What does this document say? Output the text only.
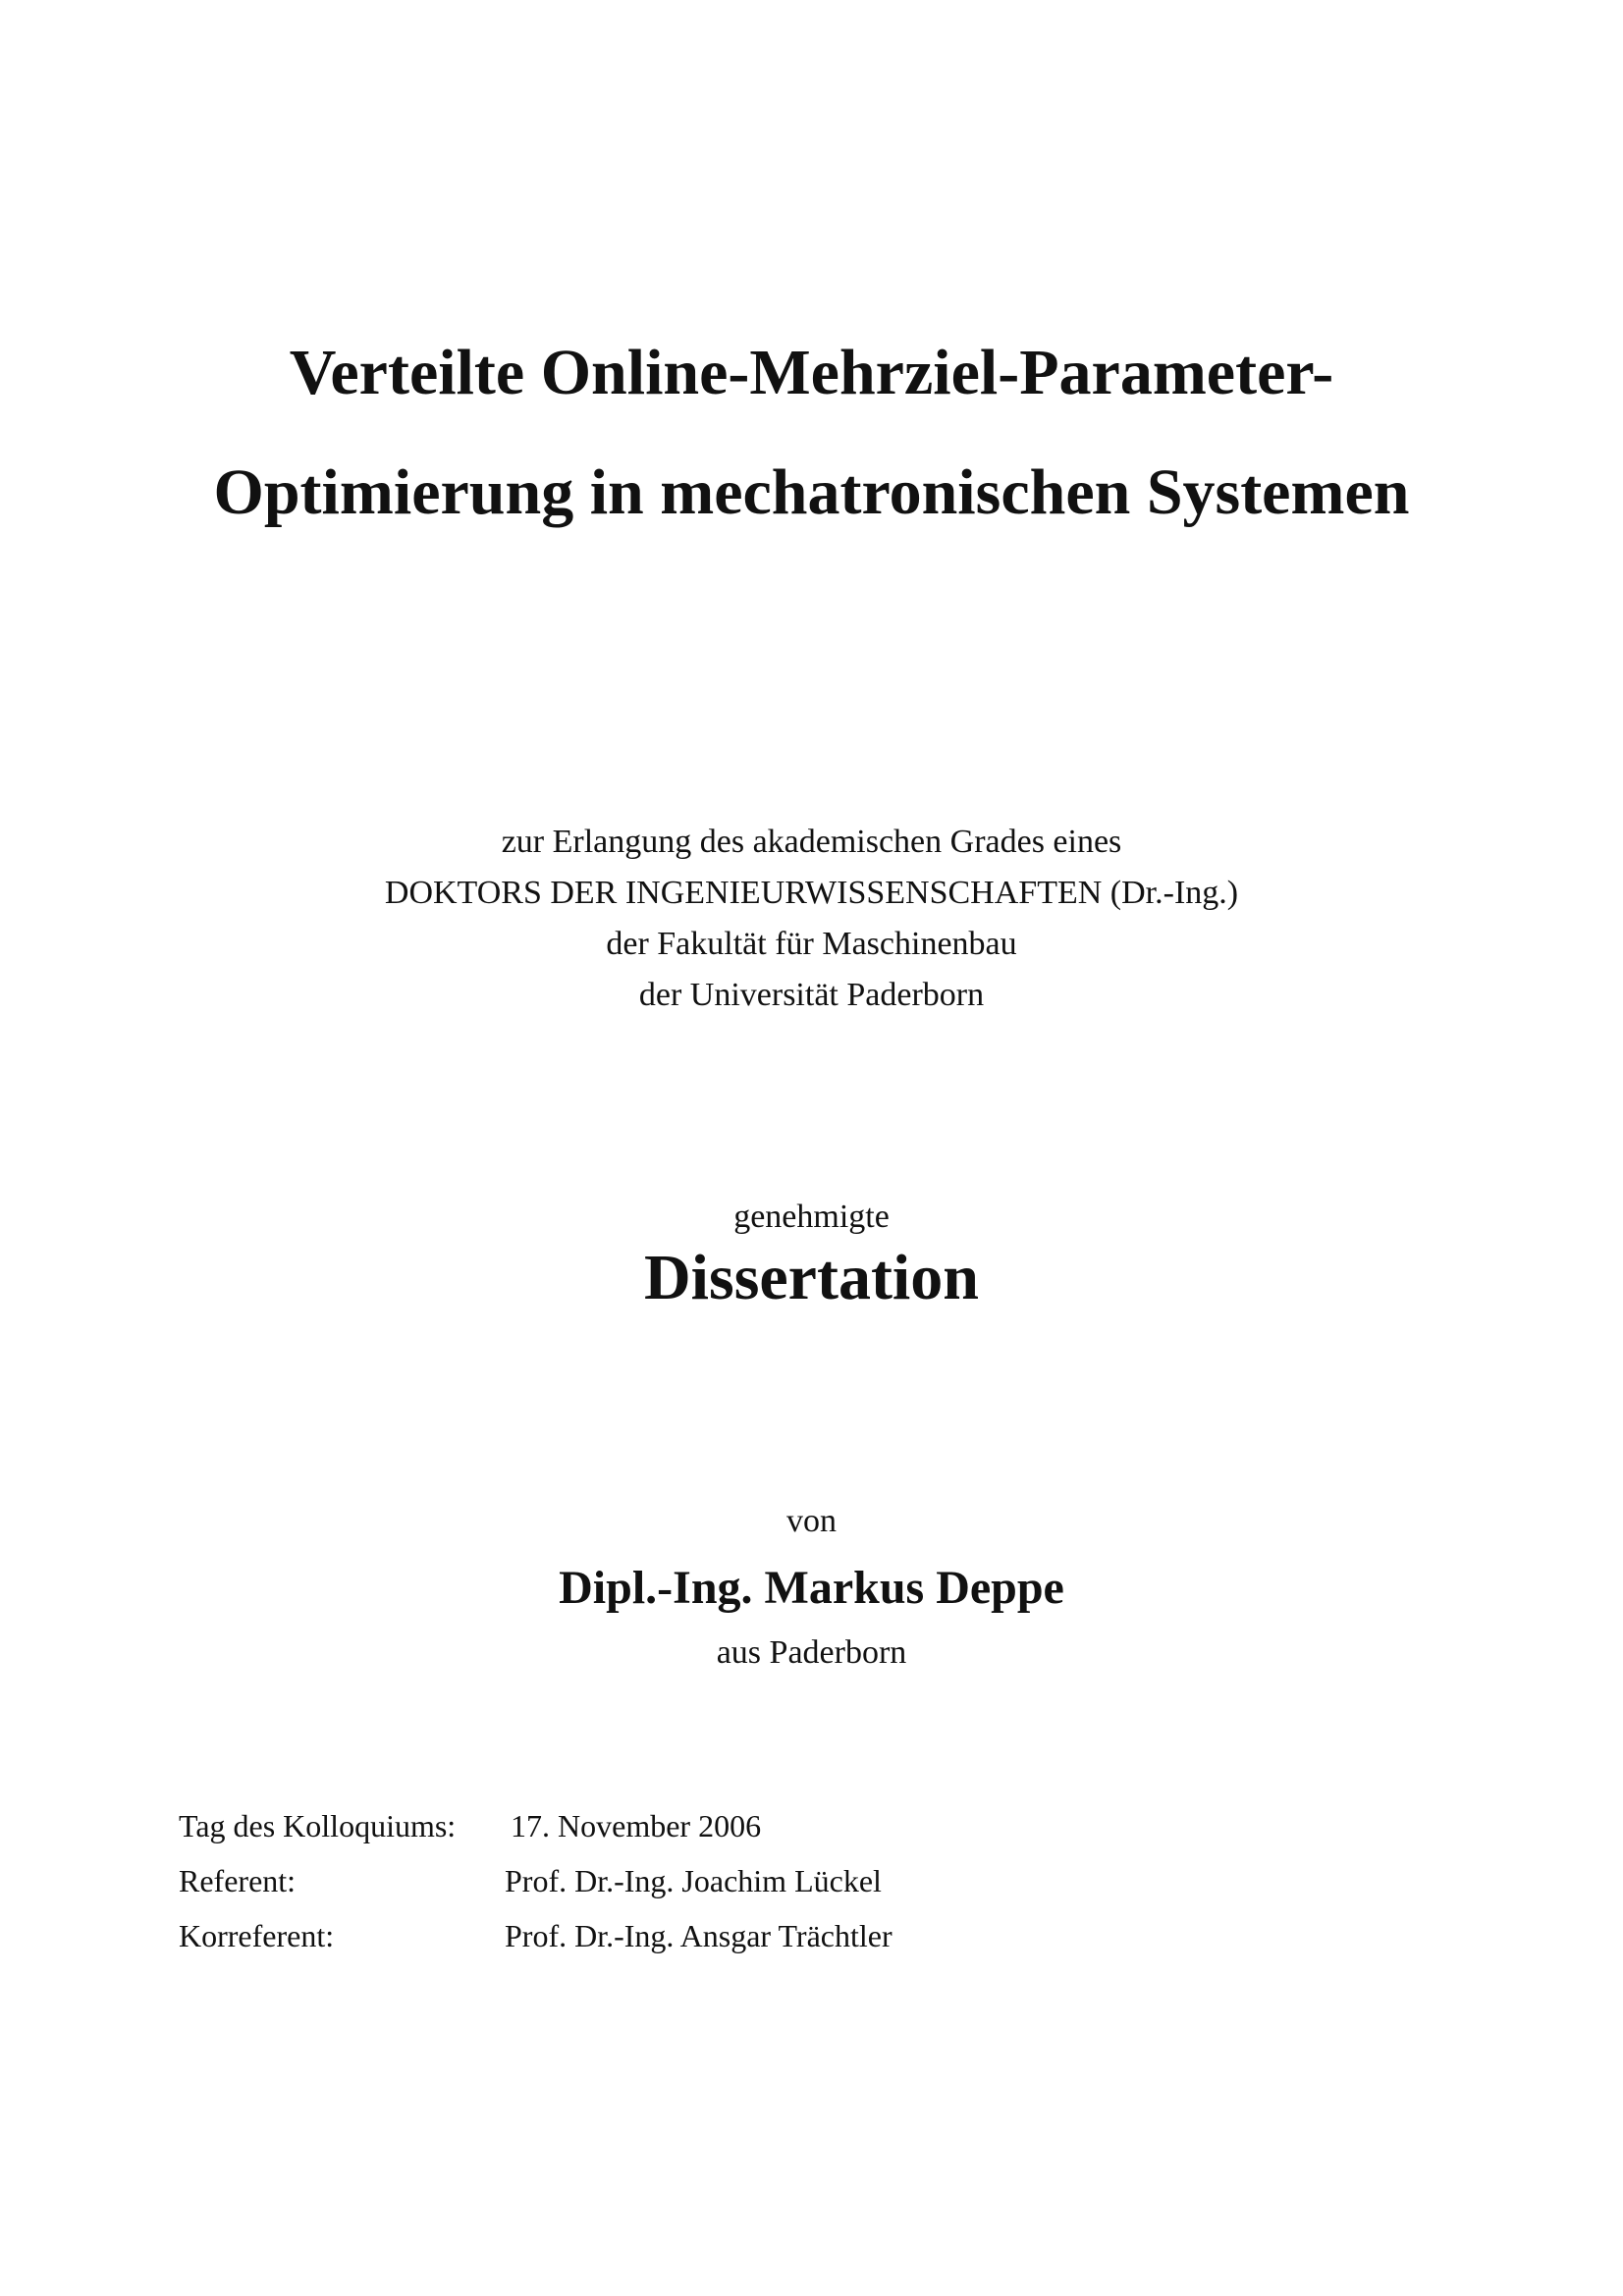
Verteilte Online-Mehrziel-Parameter-
Optimierung in mechatronischen Systemen
zur Erlangung des akademischen Grades eines
DOKTORS DER INGENIEURWISSENSCHAFTEN (Dr.-Ing.)
der Fakultät für Maschinenbau
der Universität Paderborn
genehmigte
Dissertation
von
Dipl.-Ing. Markus Deppe
aus Paderborn
Tag des Kolloquiums: 17. November 2006
Referent:	Prof. Dr.-Ing. Joachim Lückel
Korreferent:	Prof. Dr.-Ing. Ansgar Trächtler
